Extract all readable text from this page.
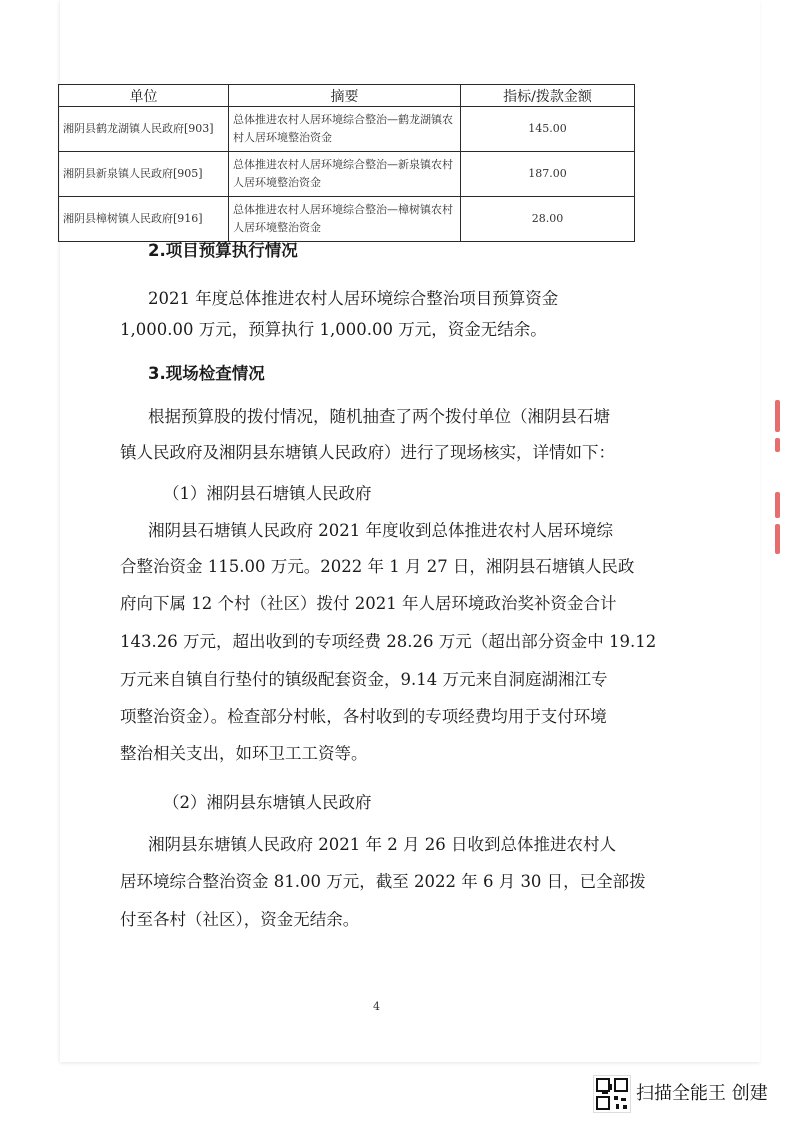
单位	摘要	指标/拨款金额
湘阴县鹤龙湖镇人民政府[903]	总体推进农村人居环境综合整治—鹤龙湖镇农村人居环境整治资金	145.00
湘阴县新泉镇人民政府[905]	总体推进农村人居环境综合整治—新泉镇农村人居环境整治资金	187.00
湘阴县樟树镇人民政府[916]	总体推进农村人居环境综合整治—樟树镇农村人居环境整治资金	28.00
2.项目预算执行情况
2021 年度总体推进农村人居环境综合整治项目预算资金
1,000.00 万元，预算执行 1,000.00 万元，资金无结余。
3.现场检查情况
根据预算股的拨付情况，随机抽查了两个拨付单位（湘阴县石塘
镇人民政府及湘阴县东塘镇人民政府）进行了现场核实，详情如下：
（1）湘阴县石塘镇人民政府
湘阴县石塘镇人民政府 2021 年度收到总体推进农村人居环境综
合整治资金 115.00 万元。2022 年 1 月 27 日，湘阴县石塘镇人民政
府向下属 12 个村（社区）拨付 2021 年人居环境政治奖补资金合计
143.26 万元，超出收到的专项经费 28.26 万元（超出部分资金中 19.12
万元来自镇自行垫付的镇级配套资金，9.14 万元来自洞庭湖湘江专
项整治资金）。检查部分村帐，各村收到的专项经费均用于支付环境
整治相关支出，如环卫工工资等。
（2）湘阴县东塘镇人民政府
湘阴县东塘镇人民政府 2021 年 2 月 26 日收到总体推进农村人
居环境综合整治资金 81.00 万元，截至 2022 年 6 月 30 日，已全部拨
付至各村（社区），资金无结余。
4
扫描全能王 创建
